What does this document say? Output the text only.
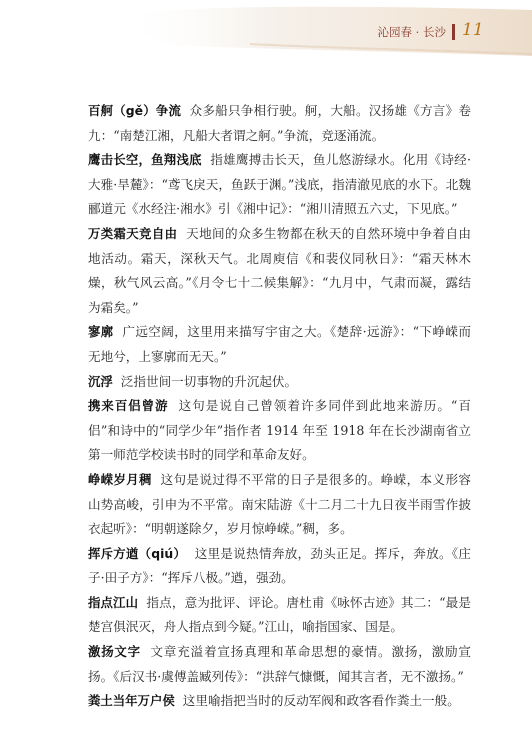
沁园春 · 长沙 11

百舸（gě）争流 众多船只争相行驶。舸，大船。汉扬雄《方言》卷九：“南楚江湘，凡船大者谓之舸。”争流，竞逐涌流。

鹰击长空，鱼翔浅底 指雄鹰搏击长天，鱼儿悠游绿水。化用《诗经·大雅·旱麓》：“鸢飞戾天，鱼跃于渊。”浅底，指清澈见底的水下。北魏郦道元《水经注·湘水》引《湘中记》：“湘川清照五六丈，下见底。”

万类霜天竞自由 天地间的众多生物都在秋天的自然环境中争着自由地活动。霜天，深秋天气。北周庾信《和裴仪同秋日》：“霜天林木燥，秋气风云高。”《月令七十二候集解》：“九月中，气肃而凝，露结为霜矣。”

寥廓 广远空阔，这里用来描写宇宙之大。《楚辞·远游》：“下峥嵘而无地兮，上寥廓而无天。”

沉浮 泛指世间一切事物的升沉起伏。

携来百侣曾游 这句是说自己曾领着许多同伴到此地来游历。“百侣”和诗中的“同学少年”指作者 1914 年至 1918 年在长沙湖南省立第一师范学校读书时的同学和革命友好。

峥嵘岁月稠 这句是说过得不平常的日子是很多的。峥嵘，本义形容山势高峻，引申为不平常。南宋陆游《十二月二十九日夜半雨雪作披衣起听》：“明朝遂除夕，岁月惊峥嵘。”稠，多。

挥斥方遒（qiú） 这里是说热情奔放，劲头正足。挥斥，奔放。《庄子·田子方》：“挥斥八极。”遒，强劲。

指点江山 指点，意为批评、评论。唐杜甫《咏怀古迹》其二：“最是楚宫俱泯灭，舟人指点到今疑。”江山，喻指国家、国是。

激扬文字 文章充溢着宣扬真理和革命思想的豪情。激扬，激励宣扬。《后汉书·虞傅盖臧列传》：“洪辞气慷慨，闻其言者，无不激扬。”

粪土当年万户侯 这里喻指把当时的反动军阀和政客看作粪土一般。
